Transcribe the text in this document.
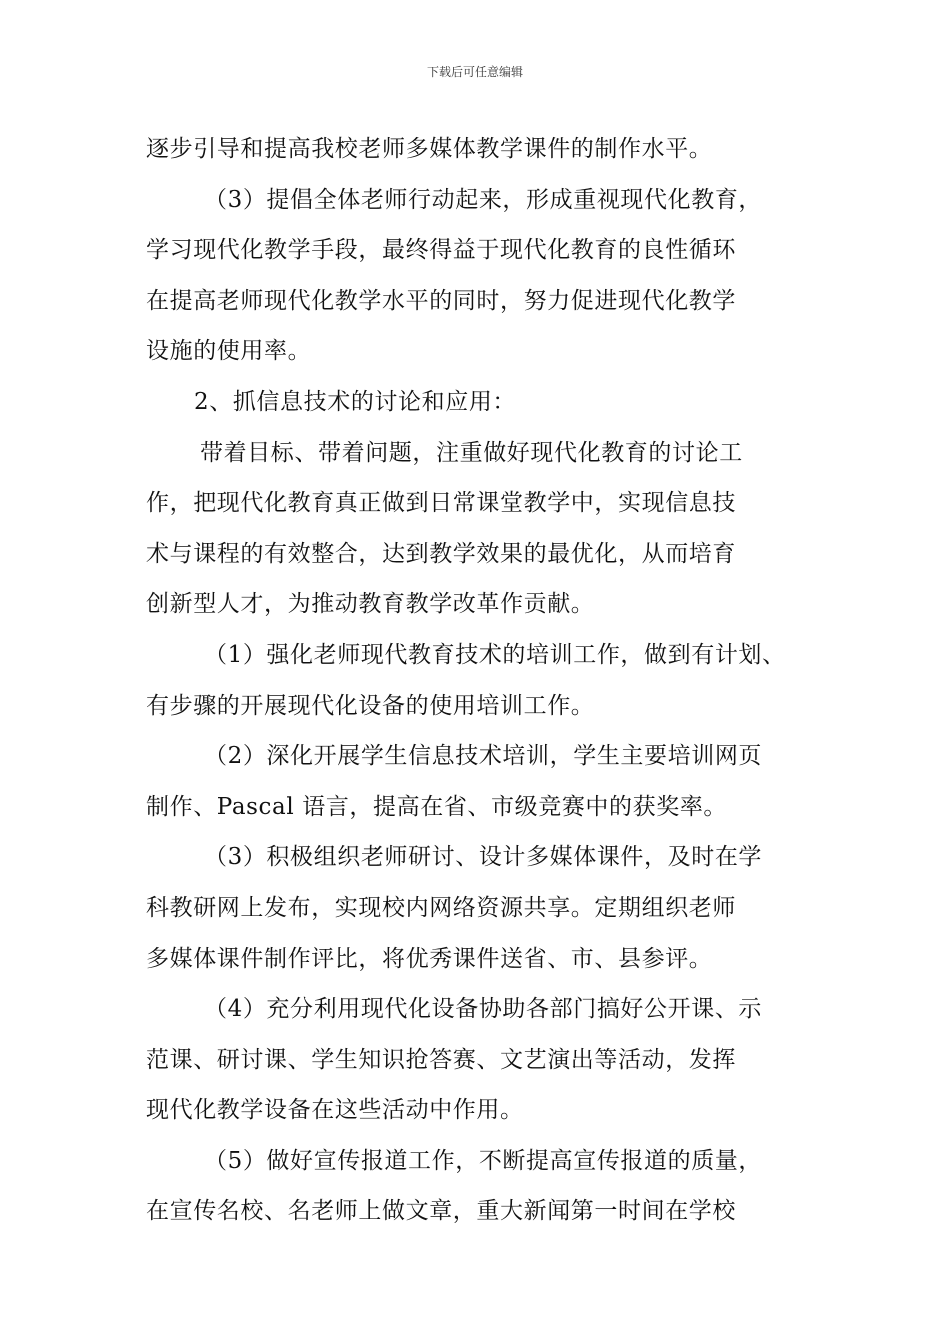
下载后可任意编辑
逐步引导和提高我校老师多媒体教学课件的制作水平。
（3）提倡全体老师行动起来，形成重视现代化教育，
学习现代化教学手段，最终得益于现代化教育的良性循环
在提高老师现代化教学水平的同时，努力促进现代化教学
设施的使用率。
2、抓信息技术的讨论和应用：
带着目标、带着问题，注重做好现代化教育的讨论工
作，把现代化教育真正做到日常课堂教学中，实现信息技
术与课程的有效整合，达到教学效果的最优化，从而培育
创新型人才，为推动教育教学改革作贡献。
（1）强化老师现代教育技术的培训工作，做到有计划、
有步骤的开展现代化设备的使用培训工作。
（2）深化开展学生信息技术培训，学生主要培训网页
制作、Pascal 语言，提高在省、市级竞赛中的获奖率。
（3）积极组织老师研讨、设计多媒体课件，及时在学
科教研网上发布，实现校内网络资源共享。定期组织老师
多媒体课件制作评比，将优秀课件送省、市、县参评。
（4）充分利用现代化设备协助各部门搞好公开课、示
范课、研讨课、学生知识抢答赛、文艺演出等活动，发挥
现代化教学设备在这些活动中作用。
（5）做好宣传报道工作，不断提高宣传报道的质量，
在宣传名校、名老师上做文章，重大新闻第一时间在学校
